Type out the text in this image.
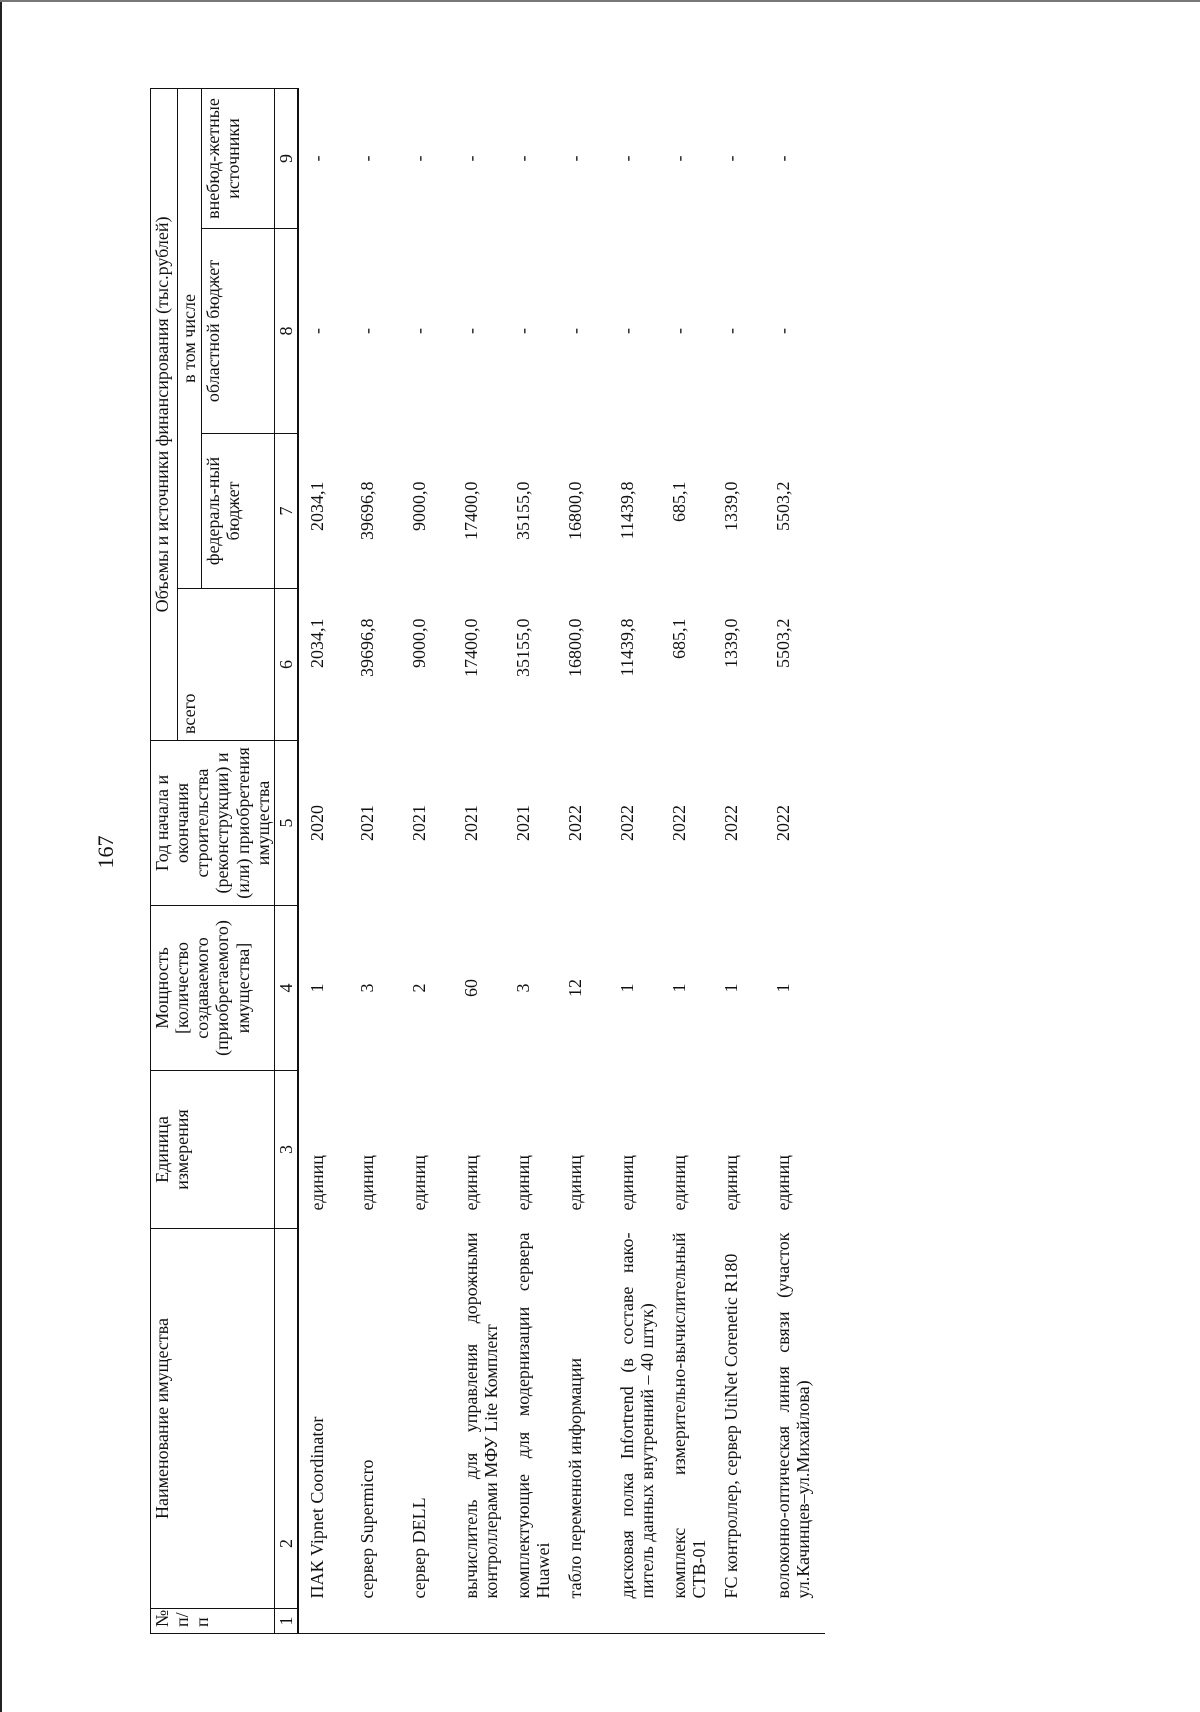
167
№ п/п	Наименование имущества	Единица измерения	Мощность [количество создаваемого (приобретаемого) имущества]	Год начала и окончания строительства (реконструкции) и (или) приобретения имущества	Объемы и источники финансирования (тыс.рублей)			
					всего	в том числе		
						федераль-ный бюджет	областной бюджет	внебюд-жетные источники
1	2	3	4	5	6	7	8	9
	ПАК Vipnet Coordinator	единиц	1	2020	2034,1	2034,1	-	-
	сервер Supermicro	единиц	3	2021	39696,8	39696,8	-	-
	сервер DELL	единиц	2	2021	9000,0	9000,0	-	-
	вычислитель для управления дорожными контроллерами МФУ Lite Комплект	единиц	60	2021	17400,0	17400,0	-	-
	комплектующие для модернизации сервера Huawei	единиц	3	2021	35155,0	35155,0	-	-
	табло переменной информации	единиц	12	2022	16800,0	16800,0	-	-
	дисковая полка Infortrend (в составе нако-питель данных внутренний – 40 штук)	единиц	1	2022	11439,8	11439,8	-	-
	комплекс измерительно-вычислительный СТВ-01	единиц	1	2022	685,1	685,1	-	-
	FC контроллер, сервер UtiNet Corenetic R180	единиц	1	2022	1339,0	1339,0	-	-
	волоконно-оптическая линия связи (участок ул.Качинцев–ул.Михайлова)	единиц	1	2022	5503,2	5503,2	-	-
